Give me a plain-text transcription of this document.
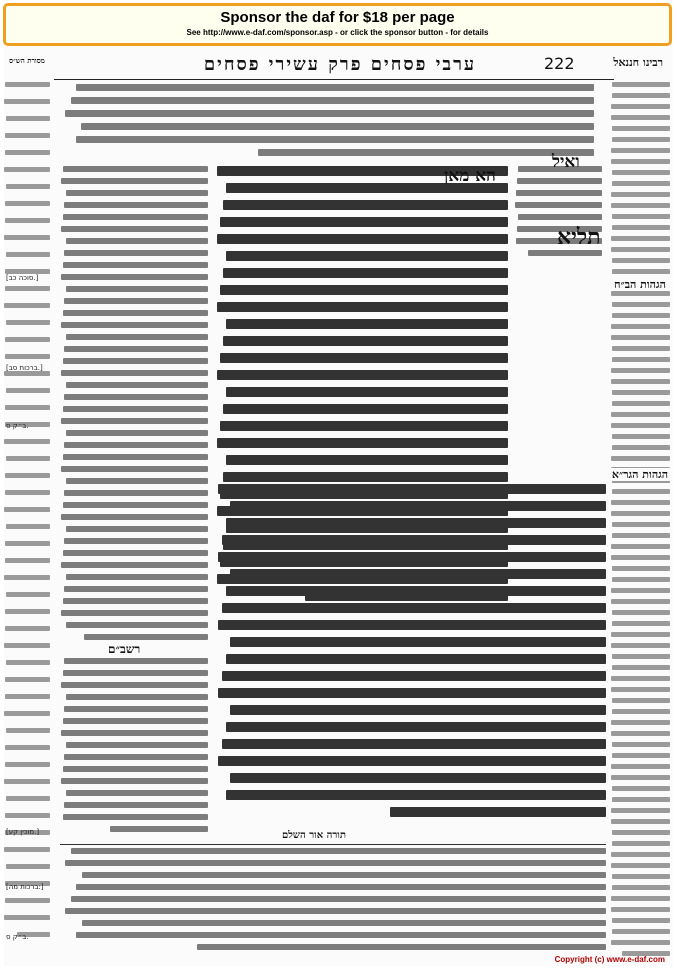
Sponsor the daf for $18 per page
See http://www.e-daf.com/sponsor.asp - or click the sponsor button - for details
מסורת הש״ס	ערבי פסחים פרק עשירי פסחים	222	רבינו חננאל
[סוכה כב.]
[ברכות סב.]
ב״ק ס.
[מוכין קע.]
[ברכות מה:]
ב״ק ס.
הא מאן
ואיל
תליא
רשב״ם
תורה אור השלם
הגהות הב״ח
הגהות הגר״א
Copyright (c) www.e-daf.com
